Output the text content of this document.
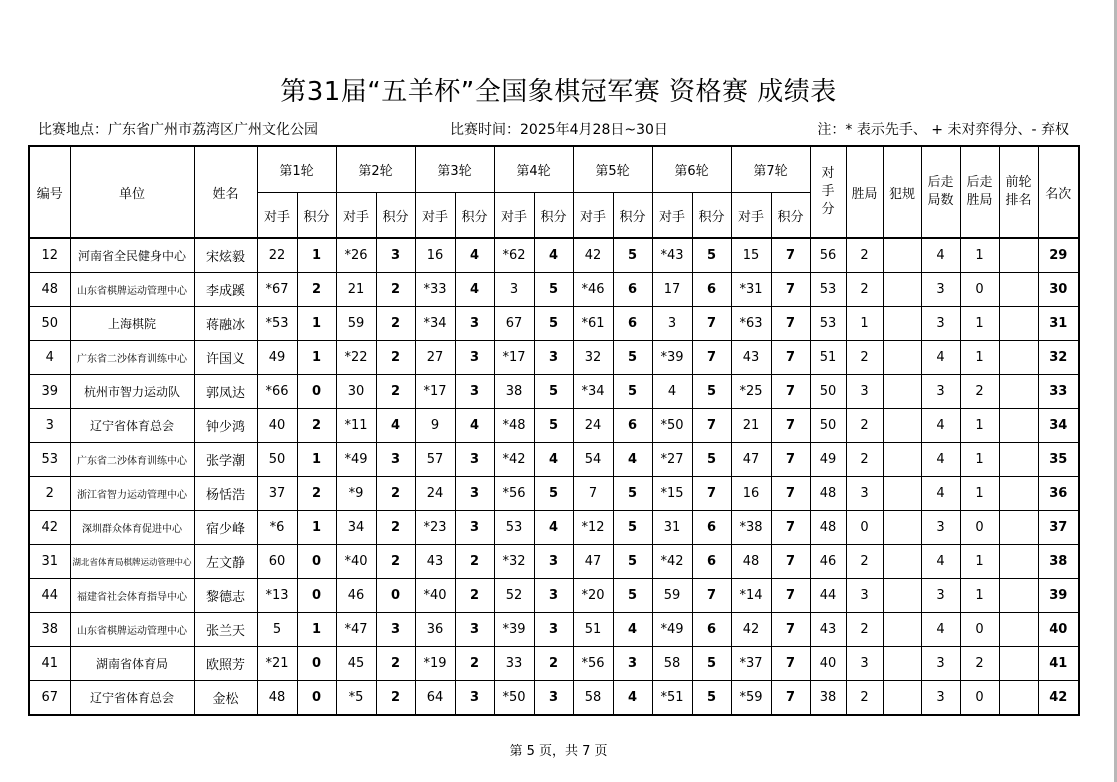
第31届“五羊杯”全国象棋冠军赛 资格赛 成绩表
比赛地点：广东省广州市荔湾区广州文化公园	比赛时间：2025年4月28日~30日	注：* 表示先手、 + 未对弈得分、- 弃权
编号	单位	姓名	第1轮		第2轮		第3轮		第4轮		第5轮		第6轮		第7轮		对手分	胜局	犯规	后走局数	后走胜局	前轮排名	名次
			对手	积分	对手	积分	对手	积分	对手	积分	对手	积分	对手	积分	对手	积分							
12	河南省全民健身中心	宋炫毅	22	1	*26	3	16	4	*62	4	42	5	*43	5	15	7	56	2		4	1		29
48	山东省棋牌运动管理中心	李成蹊	*67	2	21	2	*33	4	3	5	*46	6	17	6	*31	7	53	2		3	0		30
50	上海棋院	蒋融冰	*53	1	59	2	*34	3	67	5	*61	6	3	7	*63	7	53	1		3	1		31
4	广东省二沙体育训练中心	许国义	49	1	*22	2	27	3	*17	3	32	5	*39	7	43	7	51	2		4	1		32
39	杭州市智力运动队	郭凤达	*66	0	30	2	*17	3	38	5	*34	5	4	5	*25	7	50	3		3	2		33
3	辽宁省体育总会	钟少鸿	40	2	*11	4	9	4	*48	5	24	6	*50	7	21	7	50	2		4	1		34
53	广东省二沙体育训练中心	张学潮	50	1	*49	3	57	3	*42	4	54	4	*27	5	47	7	49	2		4	1		35
2	浙江省智力运动管理中心	杨恬浩	37	2	*9	2	24	3	*56	5	7	5	*15	7	16	7	48	3		4	1		36
42	深圳群众体育促进中心	宿少峰	*6	1	34	2	*23	3	53	4	*12	5	31	6	*38	7	48	0		3	0		37
31	湖北省体育局棋牌运动管理中心	左文静	60	0	*40	2	43	2	*32	3	47	5	*42	6	48	7	46	2		4	1		38
44	福建省社会体育指导中心	黎德志	*13	0	46	0	*40	2	52	3	*20	5	59	7	*14	7	44	3		3	1		39
38	山东省棋牌运动管理中心	张兰天	5	1	*47	3	36	3	*39	3	51	4	*49	6	42	7	43	2		4	0		40
41	湖南省体育局	欧照芳	*21	0	45	2	*19	2	33	2	*56	3	58	5	*37	7	40	3		3	2		41
67	辽宁省体育总会	金松	48	0	*5	2	64	3	*50	3	58	4	*51	5	*59	7	38	2		3	0		42
第 5 页，共 7 页
